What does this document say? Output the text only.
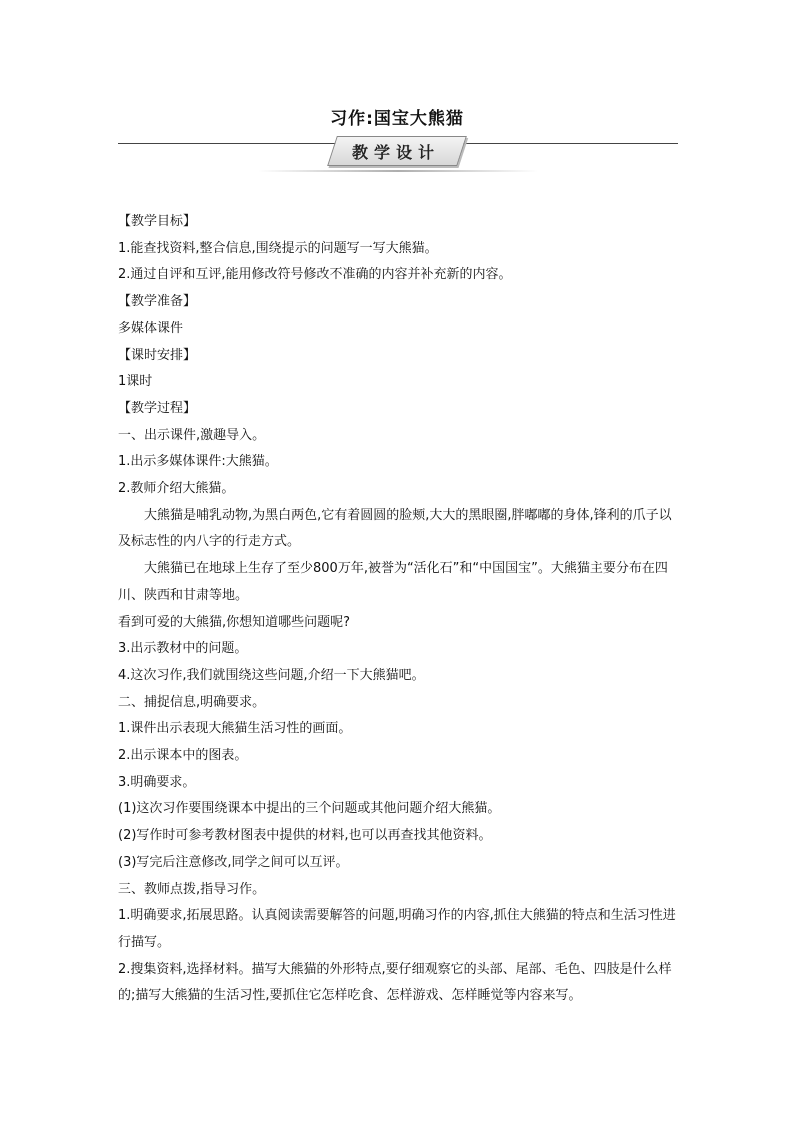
习作:国宝大熊猫
教学设计

【教学目标】

1.能查找资料,整合信息,围绕提示的问题写一写大熊猫。

2.通过自评和互评,能用修改符号修改不准确的内容并补充新的内容。

【教学准备】

多媒体课件

【课时安排】

1课时

【教学过程】

一、出示课件,激趣导入。

1.出示多媒体课件:大熊猫。

2.教师介绍大熊猫。

大熊猫是哺乳动物,为黑白两色,它有着圆圆的脸颊,大大的黑眼圈,胖嘟嘟的身体,锋利的爪子以及标志性的内八字的行走方式。

大熊猫已在地球上生存了至少800万年,被誉为“活化石”和“中国国宝”。大熊猫主要分布在四川、陕西和甘肃等地。

看到可爱的大熊猫,你想知道哪些问题呢?

3.出示教材中的问题。

4.这次习作,我们就围绕这些问题,介绍一下大熊猫吧。

二、捕捉信息,明确要求。

1.课件出示表现大熊猫生活习性的画面。

2.出示课本中的图表。

3.明确要求。

(1)这次习作要围绕课本中提出的三个问题或其他问题介绍大熊猫。

(2)写作时可参考教材图表中提供的材料,也可以再查找其他资料。

(3)写完后注意修改,同学之间可以互评。

三、教师点拨,指导习作。

1.明确要求,拓展思路。认真阅读需要解答的问题,明确习作的内容,抓住大熊猫的特点和生活习性进行描写。

2.搜集资料,选择材料。描写大熊猫的外形特点,要仔细观察它的头部、尾部、毛色、四肢是什么样的;描写大熊猫的生活习性,要抓住它怎样吃食、怎样游戏、怎样睡觉等内容来写。
